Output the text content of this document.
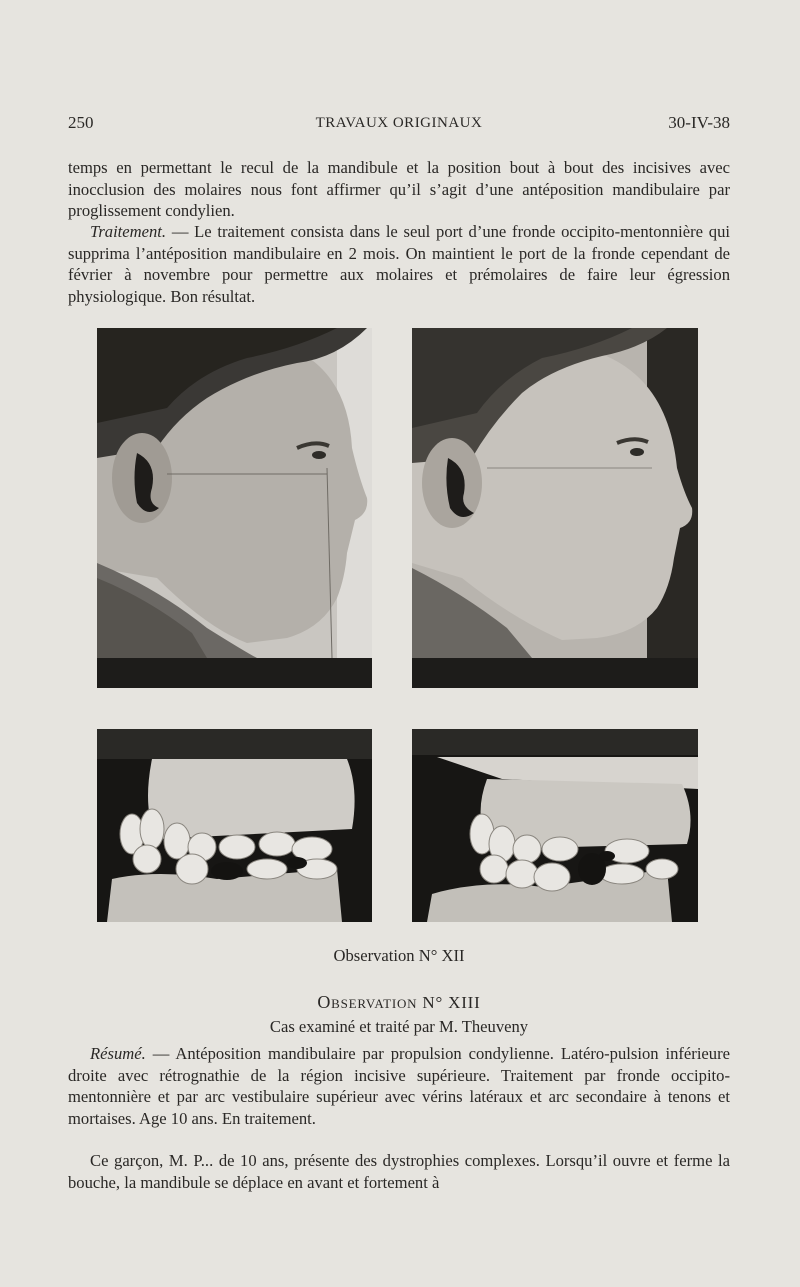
250	TRAVAUX ORIGINAUX	30-IV-38

temps en permettant le recul de la mandibule et la position bout à bout des incisives avec inocclusion des molaires nous font affirmer qu’il s’agit d’une antéposition mandibulaire par proglissement condylien.

Traitement. — Le traitement consista dans le seul port d’une fronde occipito-mentonnière qui supprima l’antéposition mandibulaire en 2 mois. On maintient le port de la fronde cependant de février à novembre pour permettre aux molaires et prémolaires de faire leur égression physiologique. Bon résultat.

Observation N° XII
Observation N° XIII
Cas examiné et traité par M. Theuveny

Résumé. — Antéposition mandibulaire par propulsion condylienne. Latéro-pulsion inférieure droite avec rétrognathie de la région incisive supérieure. Traitement par fronde occipito-mentonnière et par arc vestibulaire supérieur avec vérins latéraux et arc secondaire à tenons et mortaises. Age 10 ans. En traitement.

Ce garçon, M. P... de 10 ans, présente des dystrophies complexes. Lorsqu’il ouvre et ferme la bouche, la mandibule se déplace en avant et fortement à
